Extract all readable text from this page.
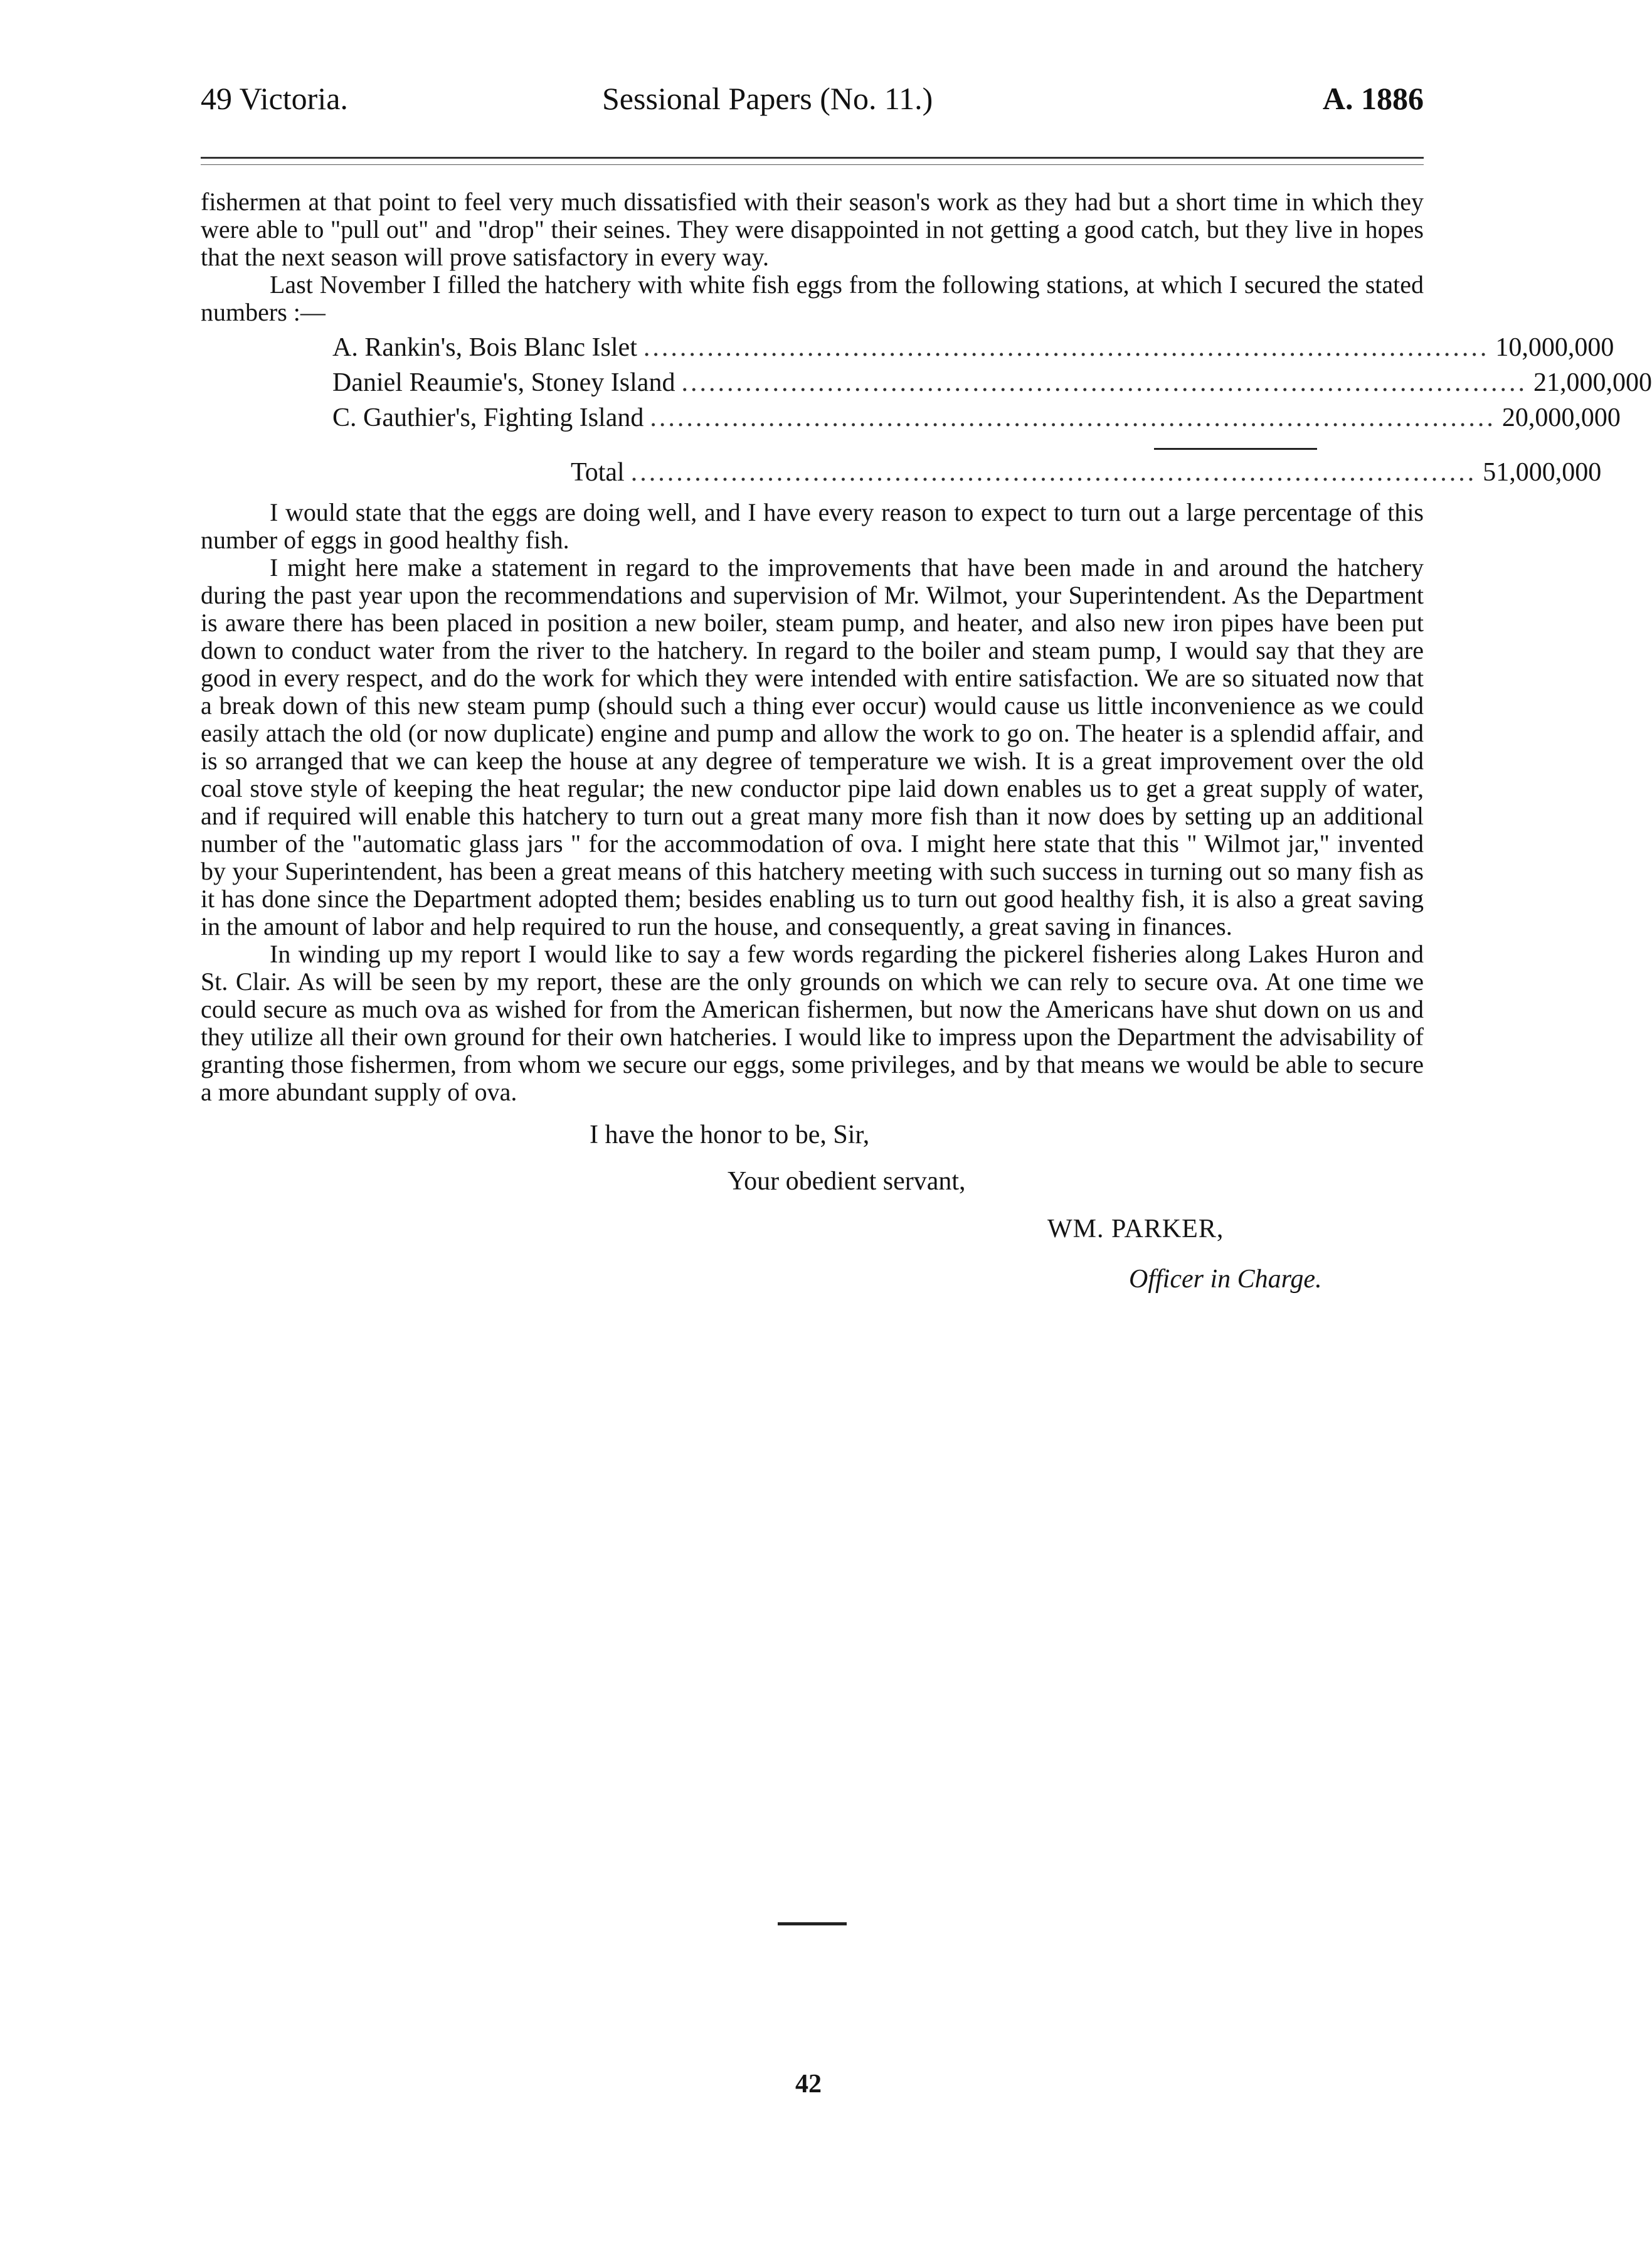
49 Victoria.	Sessional Papers (No. 11.)	A. 1886

fishermen at that point to feel very much dissatisfied with their season's work as they had but a short time in which they were able to "pull out" and "drop" their seines. They were disappointed in not getting a good catch, but they live in hopes that the next season will prove satisfactory in every way.

Last November I filled the hatchery with white fish eggs from the following stations, at which I secured the stated numbers :—

A. Rankin's, Bois Blanc Islet ............................................................................................. 10,000,000
Daniel Reaumie's, Stoney Island ............................................................................................. 21,000,000
C. Gauthier's, Fighting Island ............................................................................................. 20,000,000
Total ............................................................................................. 51,000,000

I would state that the eggs are doing well, and I have every reason to expect to turn out a large percentage of this number of eggs in good healthy fish.

I might here make a statement in regard to the improvements that have been made in and around the hatchery during the past year upon the recommendations and supervision of Mr. Wilmot, your Superintendent. As the Department is aware there has been placed in position a new boiler, steam pump, and heater, and also new iron pipes have been put down to conduct water from the river to the hatchery. In regard to the boiler and steam pump, I would say that they are good in every respect, and do the work for which they were intended with entire satisfaction. We are so situated now that a break down of this new steam pump (should such a thing ever occur) would cause us little inconvenience as we could easily attach the old (or now duplicate) engine and pump and allow the work to go on. The heater is a splendid affair, and is so arranged that we can keep the house at any degree of temperature we wish. It is a great improvement over the old coal stove style of keeping the heat regular; the new conductor pipe laid down enables us to get a great supply of water, and if required will enable this hatchery to turn out a great many more fish than it now does by setting up an additional number of the "automatic glass jars " for the accommodation of ova. I might here state that this " Wilmot jar," invented by your Superintendent, has been a great means of this hatchery meeting with such success in turning out so many fish as it has done since the Department adopted them; besides enabling us to turn out good healthy fish, it is also a great saving in the amount of labor and help required to run the house, and consequently, a great saving in finances.

In winding up my report I would like to say a few words regarding the pickerel fisheries along Lakes Huron and St. Clair. As will be seen by my report, these are the only grounds on which we can rely to secure ova. At one time we could secure as much ova as wished for from the American fishermen, but now the Americans have shut down on us and they utilize all their own ground for their own hatcheries. I would like to impress upon the Department the advisability of granting those fishermen, from whom we secure our eggs, some privileges, and by that means we would be able to secure a more abundant supply of ova.

I have the honor to be, Sir,
Your obedient servant,
WM. PARKER,
Officer in Charge.
42
